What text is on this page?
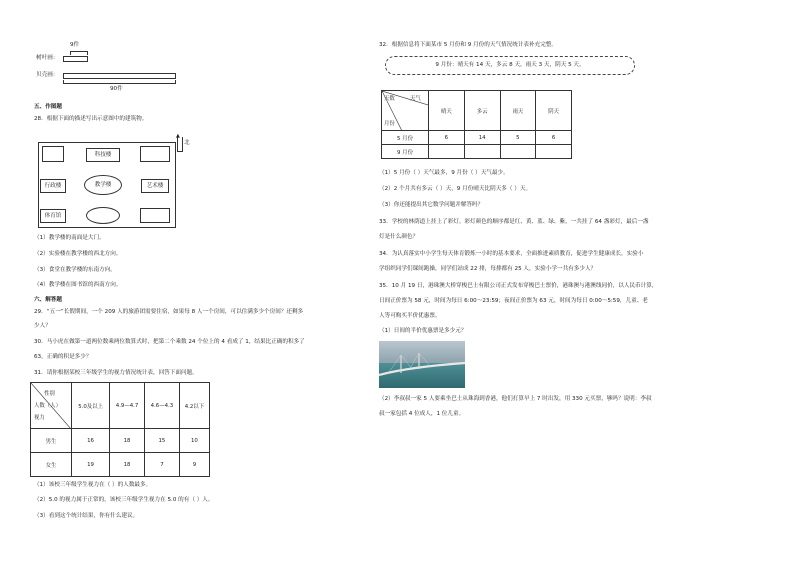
9件
树叶画：
贝壳画：
90件
五、作图题
28．根据下面的描述写出示意图中的建筑物。
▲
北
科技楼
行政楼	教学楼	艺术楼
体育馆
（1）教学楼的南面是大门。
（2）实验楼在教学楼的西北方向。
（3）食堂在教学楼的东南方向。
（4）教学楼在图书馆的西南方向。
六、解答题
29．“五一”长假期间，一个 209 人的旅游团需要住宿，如果每 8 人一个房间，可以住满多少个房间？还剩多
少人？
30．马小虎在做第一道两位数乘两位数算式时，把第二个乘数 24 个位上的 4 看成了 1，结果比正确的积多了
63。正确的积是多少？
31．请你根据某校三年级学生的视力情况统计表，回答下面问题。
性别
人数（人）
视力	5.0及以上	4.9—4.7	4.6—4.3	4.2以下
男生	16	18	15	10
女生	19	18	7	9
（1）该校三年级学生视力在（ ）的人数最多。
（2）5.0 的视力属于正常的，该校三年级学生视力在 5.0 的有（ ）人。
（3）看到这个统计结果，你有什么建议。
32．根据信息将下面某市 5 月份和 9 月份的天气情况统计表补充完整。
9 月份：晴天有 14 天，多云 8 天，雨天 3 天，阴天 5 天。
天数 天气
月份	晴天	多云	雨天	阴天
5 月份	6	14	5	6
9 月份				
（1）5 月份（ ）天气最多，9 月份（ ）天气最少。
（2）2 个月共有多云（ ）天，9 月份晴天比阴天多（ ）天。
（3）你还能提出其它数学问题并解答吗？
33．学校的林荫道上挂上了彩灯。彩灯颜色的顺序都是红、黄、蓝、绿、紫，一共挂了 64 盏彩灯，最后一盏
灯是什么颜色？
34．为认真落实中小学生每天体育锻炼一小时的基本要求，全面推进素质教育，促进学生健康成长，实验小
学组织同学们课间跑操，同学们站成 22 排，每排都有 25 人，实验小学一共有多少人？
35．10 月 19 日，港珠澳大桥穿梭巴士有限公司正式发布穿梭巴士票价，港珠澳与港澳线同价，以人民币计算，
日间正价票为 58 元，时间为每日 6:00～23:59；夜间正价票为 63 元，时间为每日 0:00～5:59，儿童、老
人等可购买半价优惠票。
（1）日间的半价优惠票是多少元？
（2）李叔叔一家 5 人要乘坐巴士从珠海到香港，他们打算早上 7 时出发，用 330 元买票，够吗？说明：李叔
叔一家包括 4 位成人，1 位儿童。
